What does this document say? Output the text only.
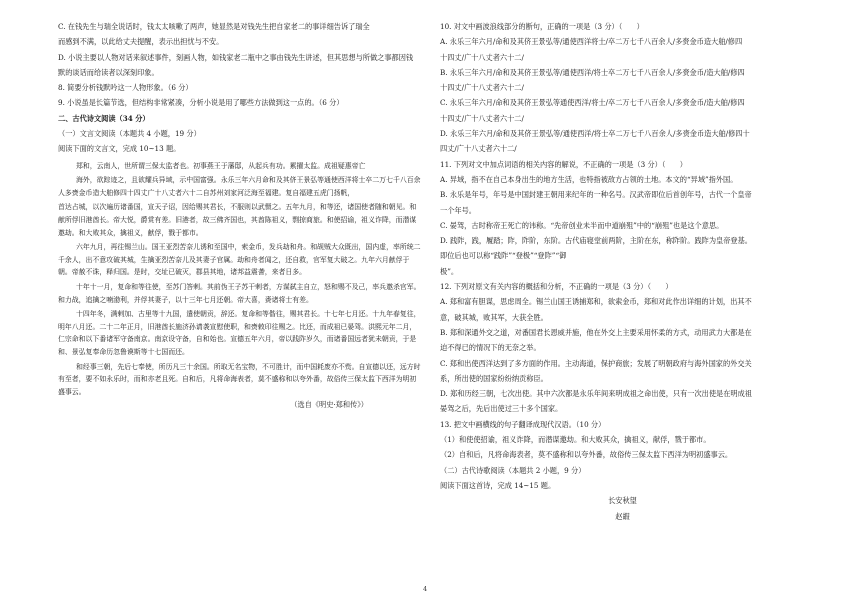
C. 在钱先生与瑞全说话时，钱太太咳嗽了两声，她显然是对钱先生把自家老二的事详细告诉了瑞全
而感到不满，以此给丈夫提醒，表示出担忧与不安。
D. 小说主要以人物对话来叙述事件，刻画人物，如钱家老二瓶中之事由钱先生讲述，但其思想与所做之事都因钱
默的谈话而给读者以深刻印象。
8. 简要分析钱默吟这一人物形象。（6 分）
9. 小说虽是长篇节选，但结构非常紧凑，分析小说是用了哪些方法做到这一点的。（6 分）
二、古代诗文阅读（34 分）
（一）文言文阅读（本题共 4 小题，19 分）
阅读下面的文言文，完成 10~13 题。
郑和，云南人，世所谓三保太监者也。初事燕王于藩邸，从起兵有功。累擢太监。成祖疑惠帝亡
海外，欲踪迹之，且欲耀兵异域，示中国富强。永乐三年六月命和及其侪王景弘等通使西洋将士卒二万七千八百余人多赍金币造大舶修四十四丈广十八丈者六十二自苏州刘家河泛海至福建。复自福建五虎门扬帆，
首达占城，以次遍历诸番国，宣天子诏，因给赐其君长，不服则以武慑之。五年九月，和等还，诸国使者随和朝见。和献所俘旧港酋长。帝大悦，爵赏有差。旧港者，故三佛齐国也，其酋陈祖义，剽掠商旅。和使招谕，祖义诈降，而潜谋邀劫。和大败其众，擒祖义，献俘，戮于都市。
六年九月，再往锡兰山。国王亚烈苦奈儿诱和至国中，索金币，发兵劫和舟。和觇贼大众既出，国内虚，率所统二千余人，出不意攻破其城，生擒亚烈苦奈儿及其妻子官属。劫和舟者闻之，还自救，官军复大破之。九年六月献俘于朝。帝赦不诛，释归国。是时，交址已破灭，郡县其地，诸邦益震詟，来者日多。
十年十一月，复命和等往使，至苏门答剌。其前伪王子苏干剌者，方谋弑主自立，怒和赐不及己，率兵邀杀官军。和力战，追擒之喃渤利，并俘其妻子，以十三年七月还朝。帝大喜，赉诸将士有差。
十四年冬，满剌加、古里等十九国，遣使朝贡，辞还。复命和等偕往，赐其君长。十七年七月还。十九年春复往，明年八月还。二十二年正月，旧港酋长施济孙请袭宣慰使职，和赍敕印往赐之。比还，而成祖已晏驾。洪熙元年二月，仁宗命和以下番诸军守备南京。南京设守备，自和始也。宣德五年六月，帝以践阼岁久，而诸番国远者犹未朝贡，于是和、景弘复奉命历忽鲁谟斯等十七国而还。
和经事三朝，先后七奉使，所历凡三十余国。所取无名宝物，不可胜计，而中国耗废亦不赀。自宣德以还，远方时有至者，要不如永乐时，而和亦老且死。自和后，凡将命海表者，莫不盛称和以夸外番，故俗传三保太监下西洋为明初盛事云。
（选自《明史·郑和传》）
10. 对文中画波浪线部分的断句，正确的一项是（3 分）（　　）
A. 永乐三年六月/命和及其侪王景弘等/通使西洋将士/卒二万七千八百余人/多赍金币造大舶/修四
十四丈/广十八丈者六十二/
B. 永乐三年六月/命和及其侪王景弘等/通使西洋/将士卒二万七千八百余人/多赍金币/造大舶/修四
十四丈/广十八丈者六十二/
C. 永乐三年六月/命和及其侪王景弘等通使西洋/将士/卒二万七千八百余人/多赍金币/造大舶/修四
十四丈/广十八丈者六十二/
D. 永乐三年六月/命和及其侪王景弘等/通使西洋/将士卒二万七千八百余人/多赍金币造大舶/修四十
四丈/广十八丈者六十二/
11. 下列对文中加点词语的相关内容的解说，不正确的一项是（3 分）（　　）
A. 异域，指不在自己本身出生的地方生活，也特指被敌方占领的土地。本文的“异域”指外国。
B. 永乐是年号，年号是中国封建王朝用来纪年的一种名号。汉武帝即位后首创年号，古代一个皇帝
一个年号。
C. 晏驾，古时称帝王死亡的讳称。“先帝创业未半而中道崩殂”中的“崩殂”也是这个意思。
D. 践阼，践，履踏；阼，阼阶，东阶。古代庙寝堂前两阶，主阶在东，称阼阶。践阼为皇帝登基。
即位后也可以称“践阼”“登极”“登阼”“御
极”。
12. 下列对原文有关内容的概括和分析，不正确的一项是（3 分）（　　）
A. 郑和富有胆谋，思虑周全。锡兰山国王诱捕郑和，欲索金币，郑和对此作出详细的计划，出其不
意，破其城，败其军，大获全胜。
B. 郑和深通外交之道，对番国君长恩威并施，他在外交上主要采用怀柔的方式，动用武力大都是在
迫不得已的情况下的无奈之举。
C. 郑和出使西洋达到了多方面的作用。主动海道，保护商旅；发展了明朝政府与海外国家的外交关
系，所出使的国家纷纷纳贡称臣。
D. 郑和历经三朝，七次出使。其中六次都是永乐年间来明成祖之命出使，只有一次出使是在明成祖
晏驾之后，先后出使过三十多个国家。
13. 把文中画横线的句子翻译成现代汉语。（10 分）
（1）和使使招谕，祖义诈降，而潜谋邀劫。和大败其众，擒祖义，献俘，戮于都市。
（2）自和后，凡将命海表者，莫不盛称和以夸外番，故俗传三保太监下西洋为明初盛事云。
（二）古代诗歌阅读（本题共 2 小题，9 分）
阅读下面这首诗，完成 14~15 题。
长安秋望
赵嘏
4
